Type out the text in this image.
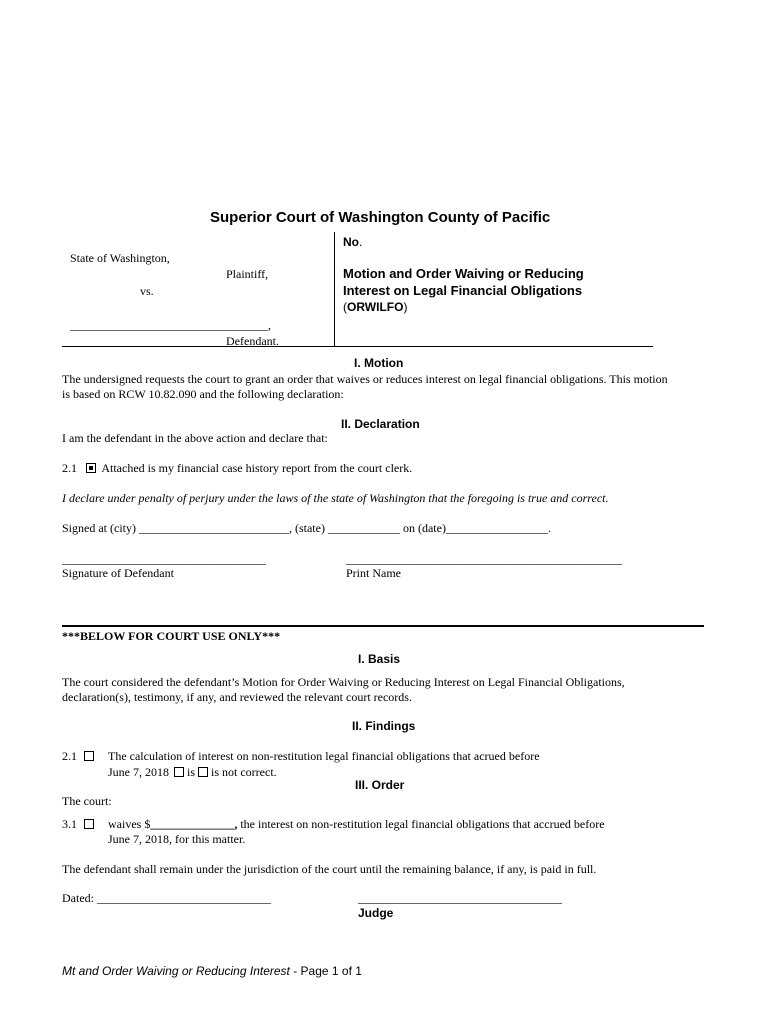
Superior Court of Washington County of Pacific
State of Washington,
Plaintiff,
vs.
_________________________________,
Defendant.
No.
Motion and Order Waiving or Reducing
Interest on Legal Financial Obligations
(ORWILFO)
I. Motion
The undersigned requests the court to grant an order that waives or reduces interest on legal financial obligations. This motion
is based on RCW 10.82.090 and the following declaration:
II. Declaration
I am the defendant in the above action and declare that:
2.1 Attached is my financial case history report from the court clerk.
I declare under penalty of perjury under the laws of the state of Washington that the foregoing is true and correct.
Signed at (city) _________________________, (state) ____________ on (date)_________________.
__________________________________	______________________________________________
Signature of Defendant	Print Name
***BELOW FOR COURT USE ONLY***
I. Basis
The court considered the defendant’s Motion for Order Waiving or Reducing Interest on Legal Financial Obligations,
declaration(s), testimony, if any, and reviewed the relevant court records.
II. Findings
2.1	The calculation of interest on non-restitution legal financial obligations that acrued before
June 7, 2018 is is not correct.
III. Order
The court:
3.1	waives $______________, the interest on non-restitution legal financial obligations that accrued before
June 7, 2018, for this matter.
The defendant shall remain under the jurisdiction of the court until the remaining balance, if any, is paid in full.
Dated: _____________________________	__________________________________
Judge
Mt and Order Waiving or Reducing Interest - Page 1 of 1
